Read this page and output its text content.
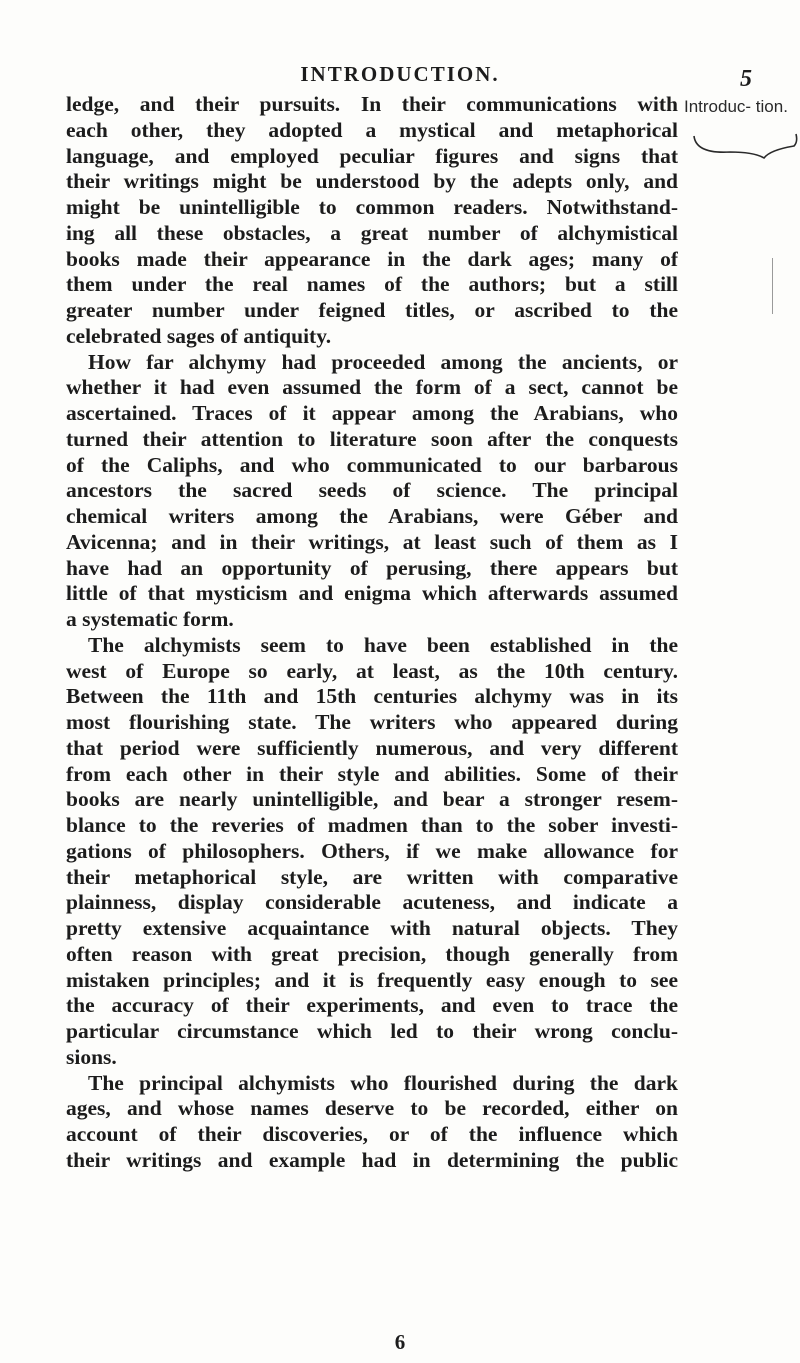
INTRODUCTION.	5
Introduc- tion.
ledge, and their pursuits. In their communications with
each other, they adopted a mystical and metaphorical
language, and employed peculiar figures and signs that
their writings might be understood by the adepts only, and
might be unintelligible to common readers. Notwithstand-
ing all these obstacles, a great number of alchymistical
books made their appearance in the dark ages; many of
them under the real names of the authors; but a still
greater number under feigned titles, or ascribed to the
celebrated sages of antiquity.
How far alchymy had proceeded among the ancients, or
whether it had even assumed the form of a sect, cannot be
ascertained. Traces of it appear among the Arabians, who
turned their attention to literature soon after the conquests
of the Caliphs, and who communicated to our barbarous
ancestors the sacred seeds of science. The principal
chemical writers among the Arabians, were Géber and
Avicenna; and in their writings, at least such of them as I
have had an opportunity of perusing, there appears but
little of that mysticism and enigma which afterwards assumed
a systematic form.
The alchymists seem to have been established in the
west of Europe so early, at least, as the 10th century.
Between the 11th and 15th centuries alchymy was in its
most flourishing state. The writers who appeared during
that period were sufficiently numerous, and very different
from each other in their style and abilities. Some of their
books are nearly unintelligible, and bear a stronger resem-
blance to the reveries of madmen than to the sober investi-
gations of philosophers. Others, if we make allowance for
their metaphorical style, are written with comparative
plainness, display considerable acuteness, and indicate a
pretty extensive acquaintance with natural objects. They
often reason with great precision, though generally from
mistaken principles; and it is frequently easy enough to see
the accuracy of their experiments, and even to trace the
particular circumstance which led to their wrong conclu-
sions.
The principal alchymists who flourished during the dark
ages, and whose names deserve to be recorded, either on
account of their discoveries, or of the influence which
their writings and example had in determining the public
6
